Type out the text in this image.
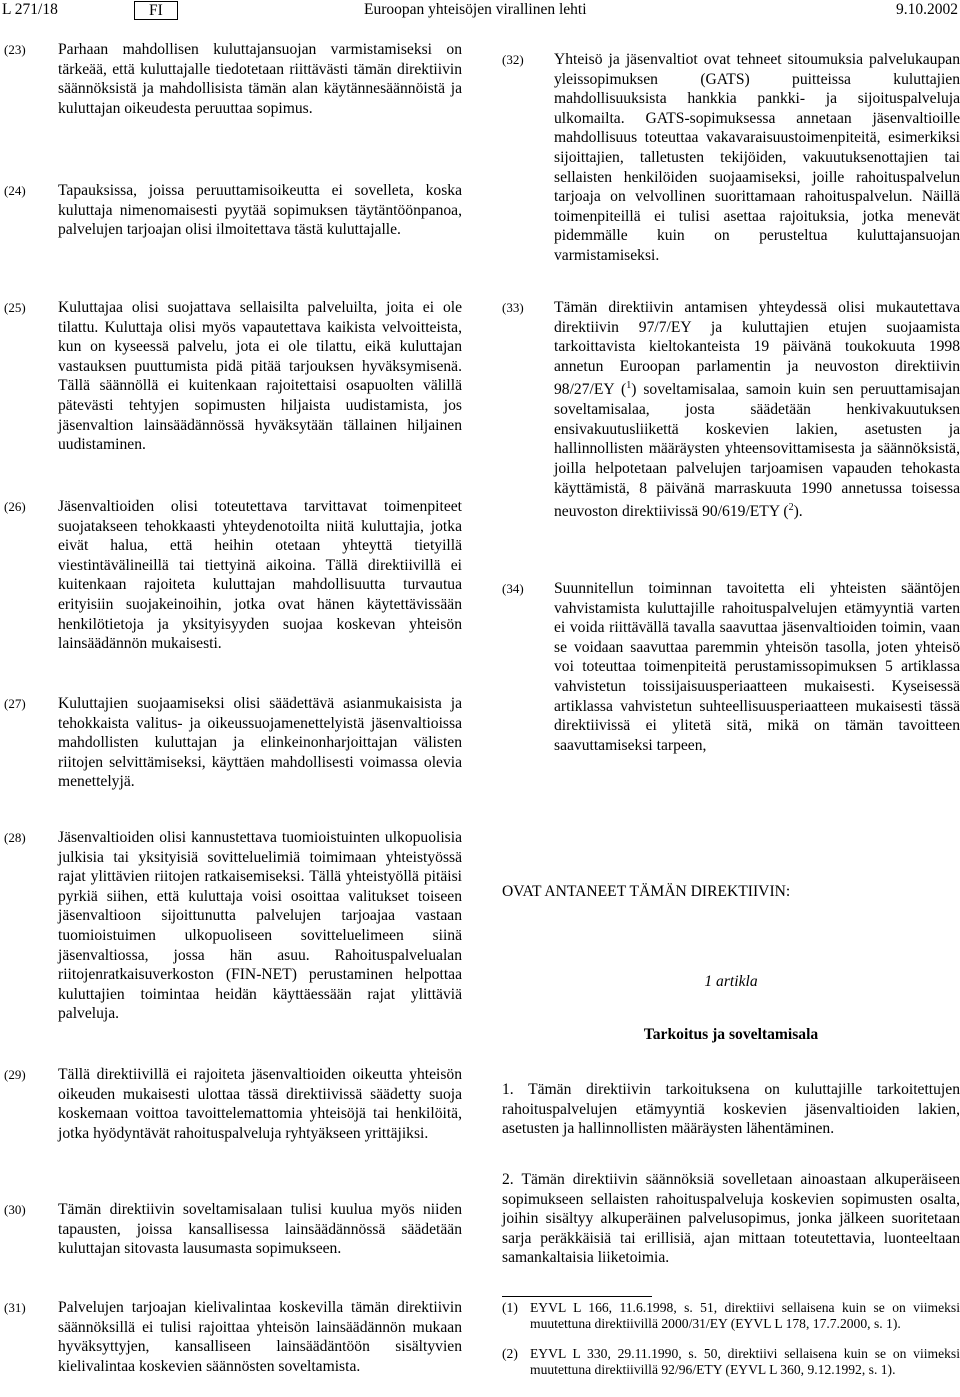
L 271/18	FI	Euroopan yhteisöjen virallinen lehti	9.10.2002
(23) Parhaan mahdollisen kuluttajansuojan varmistamiseksi on tärkeää, että kuluttajalle tiedotetaan riittävästi tämän direktiivin säännöksistä ja mahdollisista tämän alan käytännesäännöistä ja kuluttajan oikeudesta peruuttaa sopimus.
(24) Tapauksissa, joissa peruuttamisoikeutta ei sovelleta, koska kuluttaja nimenomaisesti pyytää sopimuksen täytäntöönpanoa, palvelujen tarjoajan olisi ilmoitettava tästä kuluttajalle.
(25) Kuluttajaa olisi suojattava sellaisilta palveluilta, joita ei ole tilattu. Kuluttaja olisi myös vapautettava kaikista velvoitteista, kun on kyseessä palvelu, jota ei ole tilattu, eikä kuluttajan vastauksen puuttumista pidä pitää tarjouksen hyväksymisenä. Tällä säännöllä ei kuitenkaan rajoitettaisi osapuolten välillä pätevästi tehtyjen sopimusten hiljaista uudistamista, jos jäsenvaltion lainsäädännössä hyväksytään tällainen hiljainen uudistaminen.
(26) Jäsenvaltioiden olisi toteutettava tarvittavat toimenpiteet suojatakseen tehokkaasti yhteydenotoilta niitä kuluttajia, jotka eivät halua, että heihin otetaan yhteyttä tietyillä viestintävälineillä tai tiettyinä aikoina. Tällä direktiivillä ei kuitenkaan rajoiteta kuluttajan mahdollisuutta turvautua erityisiin suojakeinoihin, jotka ovat hänen käytettävissään henkilötietoja ja yksityisyyden suojaa koskevan yhteisön lainsäädännön mukaisesti.
(27) Kuluttajien suojaamiseksi olisi säädettävä asianmukaisista ja tehokkaista valitus- ja oikeussuojamenettelyistä jäsenvaltioissa mahdollisten kuluttajan ja elinkeinonharjoittajan välisten riitojen selvittämiseksi, käyttäen mahdollisesti voimassa olevia menettelyjä.
(28) Jäsenvaltioiden olisi kannustettava tuomioistuinten ulkopuolisia julkisia tai yksityisiä sovitteluelimiä toimimaan yhteistyössä rajat ylittävien riitojen ratkaisemiseksi. Tällä yhteistyöllä pitäisi pyrkiä siihen, että kuluttaja voisi osoittaa valitukset toiseen jäsenvaltioon sijoittunutta palvelujen tarjoajaa vastaan tuomioistuimen ulkopuoliseen sovitteluelimeen siinä jäsenvaltiossa, jossa hän asuu. Rahoituspalvelualan riitojenratkaisuverkoston (FIN-NET) perustaminen helpottaa kuluttajien toimintaa heidän käyttäessään rajat ylittäviä palveluja.
(29) Tällä direktiivillä ei rajoiteta jäsenvaltioiden oikeutta yhteisön oikeuden mukaisesti ulottaa tässä direktiivissä säädetty suoja koskemaan voittoa tavoittelemattomia yhteisöjä tai henkilöitä, jotka hyödyntävät rahoituspalveluja ryhtyäkseen yrittäjiksi.
(30) Tämän direktiivin soveltamisalaan tulisi kuulua myös niiden tapausten, joissa kansallisessa lainsäädännössä säädetään kuluttajan sitovasta lausumasta sopimukseen.
(31) Palvelujen tarjoajan kielivalintaa koskevilla tämän direktiivin säännöksillä ei tulisi rajoittaa yhteisön lainsäädännön mukaan hyväksyttyjen, kansalliseen lainsäädäntöön sisältyvien kielivalintaa koskevien säännösten soveltamista.
(32) Yhteisö ja jäsenvaltiot ovat tehneet sitoumuksia palvelukaupan yleissopimuksen (GATS) puitteissa kuluttajien mahdollisuuksista hankkia pankki- ja sijoituspalveluja ulkomailta. GATS-sopimuksessa annetaan jäsenvaltioille mahdollisuus toteuttaa vakavaraisuustoimenpiteitä, esimerkiksi sijoittajien, talletusten tekijöiden, vakuutuksenottajien tai sellaisten henkilöiden suojaamiseksi, joille rahoituspalvelun tarjoaja on velvollinen suorittamaan rahoituspalvelun. Näillä toimenpiteillä ei tulisi asettaa rajoituksia, jotka menevät pidemmälle kuin on perusteltua kuluttajansuojan varmistamiseksi.
(33) Tämän direktiivin antamisen yhteydessä olisi mukautettava direktiivin 97/7/EY ja kuluttajien etujen suojaamista tarkoittavista kieltokanteista 19 päivänä toukokuuta 1998 annetun Euroopan parlamentin ja neuvoston direktiivin 98/27/EY ($^1$) soveltamisalaa, samoin kuin sen peruuttamisajan soveltamisalaa, josta säädetään henkivakuutuksen ensivakuutusliikettä koskevien lakien, asetusten ja hallinnollisten määräysten yhteensovittamisesta ja säännöksistä, joilla helpotetaan palvelujen tarjoamisen vapauden tehokasta käyttämistä, 8 päivänä marraskuuta 1990 annetussa toisessa neuvoston direktiivissä 90/619/ETY ($^2$).
(34) Suunnitellun toiminnan tavoitetta eli yhteisten sääntöjen vahvistamista kuluttajille rahoituspalvelujen etämyyntiä varten ei voida riittävällä tavalla saavuttaa jäsenvaltioiden toimin, vaan se voidaan saavuttaa paremmin yhteisön tasolla, joten yhteisö voi toteuttaa toimenpiteitä perustamissopimuksen 5 artiklassa vahvistetun toissijaisuusperiaatteen mukaisesti. Kyseisessä artiklassa vahvistetun suhteellisuusperiaatteen mukaisesti tässä direktiivissä ei ylitetä sitä, mikä on tämän tavoitteen saavuttamiseksi tarpeen,
OVAT ANTANEET TÄMÄN DIREKTIIVIN:
1 artikla
Tarkoitus ja soveltamisala
1. Tämän direktiivin tarkoituksena on kuluttajille tarkoitettujen rahoituspalvelujen etämyyntiä koskevien jäsenvaltioiden lakien, asetusten ja hallinnollisten määräysten lähentäminen.
2. Tämän direktiivin säännöksiä sovelletaan ainoastaan alkuperäiseen sopimukseen sellaisten rahoituspalveluja koskevien sopimusten osalta, joihin sisältyy alkuperäinen palvelusopimus, jonka jälkeen suoritetaan sarja peräkkäisiä tai erillisiä, ajan mittaan toteutettavia, luonteeltaan samankaltaisia liiketoimia.
(1) EYVL L 166, 11.6.1998, s. 51, direktiivi sellaisena kuin se on viimeksi muutettuna direktiivillä 2000/31/EY (EYVL L 178, 17.7.2000, s. 1).
(2) EYVL L 330, 29.11.1990, s. 50, direktiivi sellaisena kuin se on viimeksi muutettuna direktiivillä 92/96/ETY (EYVL L 360, 9.12.1992, s. 1).
